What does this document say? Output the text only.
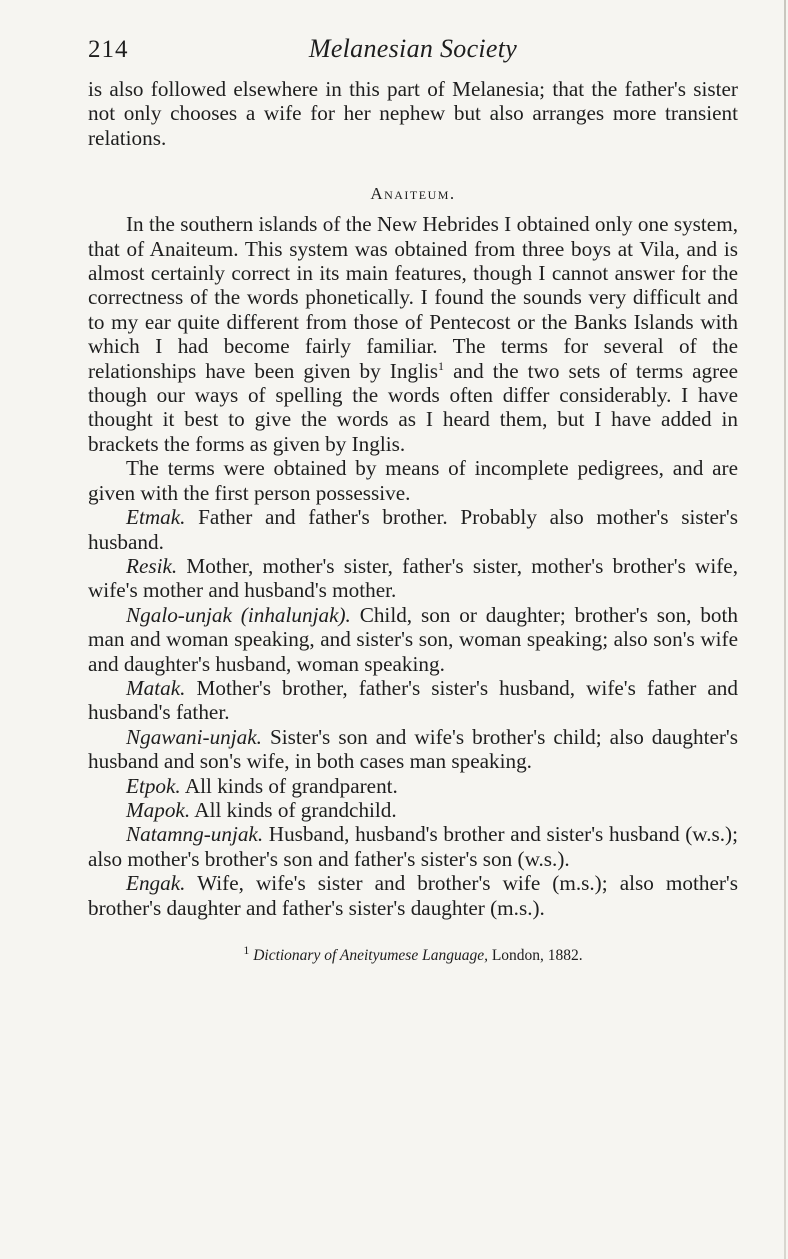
214	Melanesian Society

is also followed elsewhere in this part of Melanesia; that the father's sister not only chooses a wife for her nephew but also arranges more transient relations.

Anaiteum.

In the southern islands of the New Hebrides I obtained only one system, that of Anaiteum. This system was obtained from three boys at Vila, and is almost certainly correct in its main features, though I cannot answer for the correctness of the words phonetically. I found the sounds very difficult and to my ear quite different from those of Pentecost or the Banks Islands with which I had become fairly familiar. The terms for several of the relationships have been given by Inglis$^1$ and the two sets of terms agree though our ways of spelling the words often differ considerably. I have thought it best to give the words as I heard them, but I have added in brackets the forms as given by Inglis.

The terms were obtained by means of incomplete pedigrees, and are given with the first person possessive.

Etmak. Father and father's brother. Probably also mother's sister's husband.

Resik. Mother, mother's sister, father's sister, mother's brother's wife, wife's mother and husband's mother.

Ngalo-unjak (inhalunjak). Child, son or daughter; brother's son, both man and woman speaking, and sister's son, woman speaking; also son's wife and daughter's husband, woman speaking.

Matak. Mother's brother, father's sister's husband, wife's father and husband's father.

Ngawani-unjak. Sister's son and wife's brother's child; also daughter's husband and son's wife, in both cases man speaking.

Etpok. All kinds of grandparent.

Mapok. All kinds of grandchild.

Natamng-unjak. Husband, husband's brother and sister's husband (w.s.); also mother's brother's son and father's sister's son (w.s.).

Engak. Wife, wife's sister and brother's wife (m.s.); also mother's brother's daughter and father's sister's daughter (m.s.).

$^1$ Dictionary of Aneityumese Language, London, 1882.
